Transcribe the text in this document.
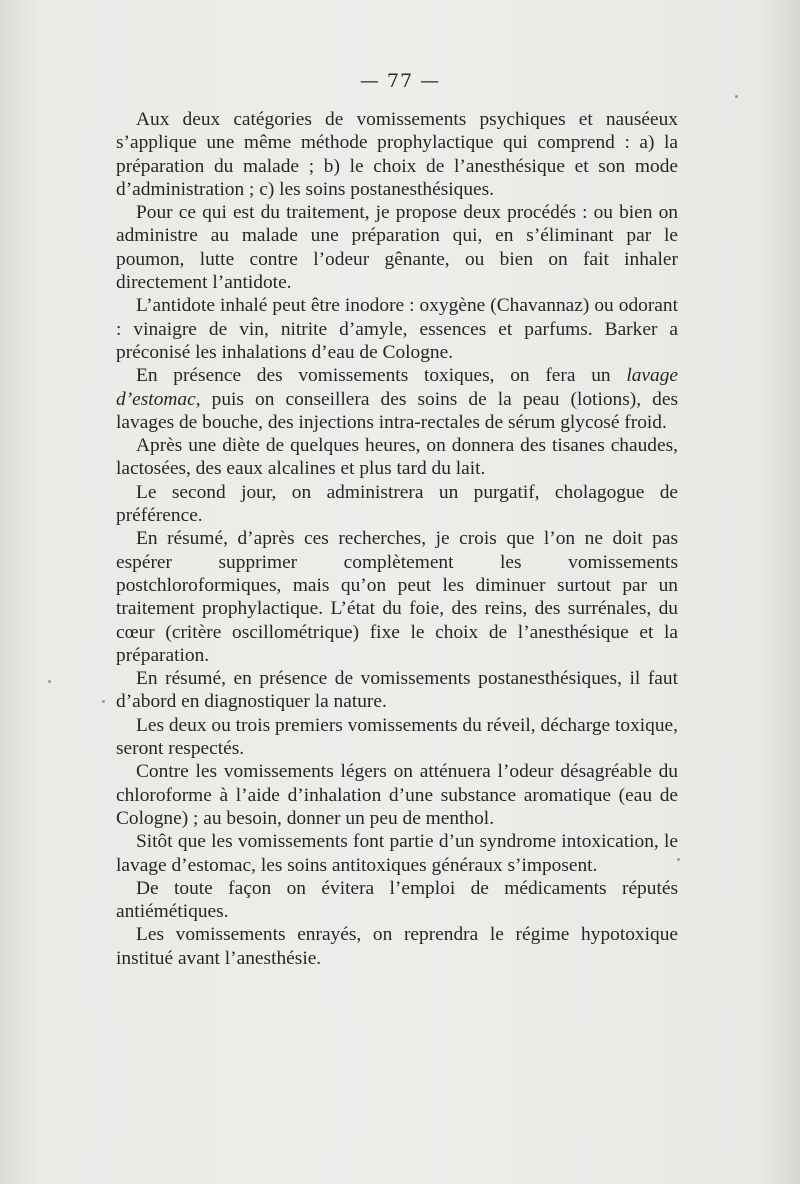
— 77 —

Aux deux catégories de vomissements psychiques et nauséeux s’applique une même méthode prophylactique qui comprend : a) la préparation du malade ; b) le choix de l’anesthésique et son mode d’administration ; c) les soins postanesthésiques.

Pour ce qui est du traitement, je propose deux procédés : ou bien on administre au malade une préparation qui, en s’éliminant par le poumon, lutte contre l’odeur gênante, ou bien on fait inhaler directement l’antidote.

L’antidote inhalé peut être inodore : oxygène (Chavannaz) ou odorant : vinaigre de vin, nitrite d’amyle, essences et parfums. Barker a préconisé les inhalations d’eau de Cologne.

En présence des vomissements toxiques, on fera un lavage d’estomac, puis on conseillera des soins de la peau (lotions), des lavages de bouche, des injections intra-rectales de sérum glycosé froid.

Après une diète de quelques heures, on donnera des tisanes chaudes, lactosées, des eaux alcalines et plus tard du lait.

Le second jour, on administrera un purgatif, cholagogue de préférence.

En résumé, d’après ces recherches, je crois que l’on ne doit pas espérer supprimer complètement les vomissements postchloroformiques, mais qu’on peut les diminuer surtout par un traitement prophylactique. L’état du foie, des reins, des surrénales, du cœur (critère oscillométrique) fixe le choix de l’anesthésique et la préparation.

En résumé, en présence de vomissements postanesthésiques, il faut d’abord en diagnostiquer la nature.

Les deux ou trois premiers vomissements du réveil, décharge toxique, seront respectés.

Contre les vomissements légers on atténuera l’odeur désagréable du chloroforme à l’aide d’inhalation d’une substance aromatique (eau de Cologne) ; au besoin, donner un peu de menthol.

Sitôt que les vomissements font partie d’un syndrome intoxication, le lavage d’estomac, les soins antitoxiques généraux s’imposent.

De toute façon on évitera l’emploi de médicaments réputés antiémétiques.

Les vomissements enrayés, on reprendra le régime hypotoxique institué avant l’anesthésie.
